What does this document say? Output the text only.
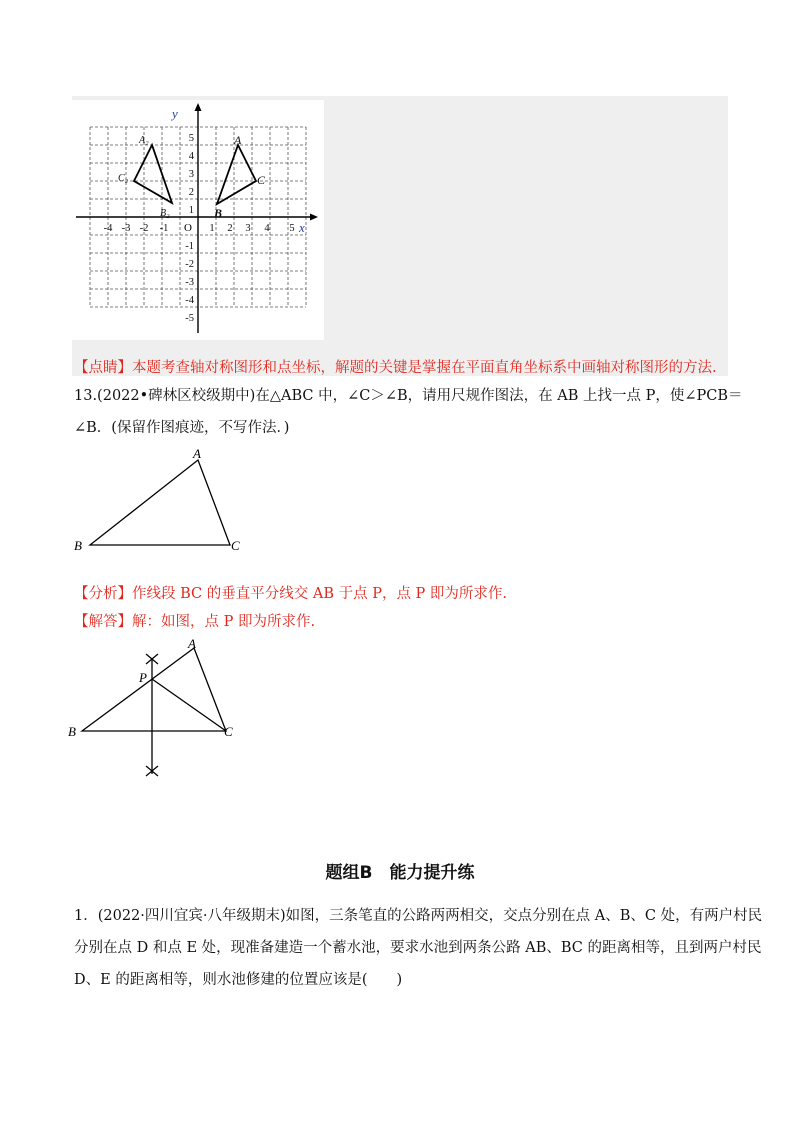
y
x
O
-4 -3 -2 -1	1 2 3 4 5
5
4
3
2
1
-1
-2
-3
-4
-5
A
C
B
A₂
C₂
B₂
【点睛】本题考查轴对称图形和点坐标，解题的关键是掌握在平面直角坐标系中画轴对称图形的方法.
13.(2022•碑林区校级期中)在△ABC 中，∠C＞∠B，请用尺规作图法，在 AB 上找一点 P，使∠PCB＝
∠B．(保留作图痕迹，不写作法．)
A
B	C
【分析】作线段 BC 的垂直平分线交 AB 于点 P，点 P 即为所求作.
【解答】解：如图，点 P 即为所求作.
A
B	C
P
题组B　能力提升练
1．(2022·四川宜宾·八年级期末)如图，三条笔直的公路两两相交，交点分别在点 A、B、C 处，有两户村民
分别在点 D 和点 E 处，现准备建造一个蓄水池，要求水池到两条公路 AB、BC 的距离相等，且到两户村民
D、E 的距离相等，则水池修建的位置应该是(　　)
